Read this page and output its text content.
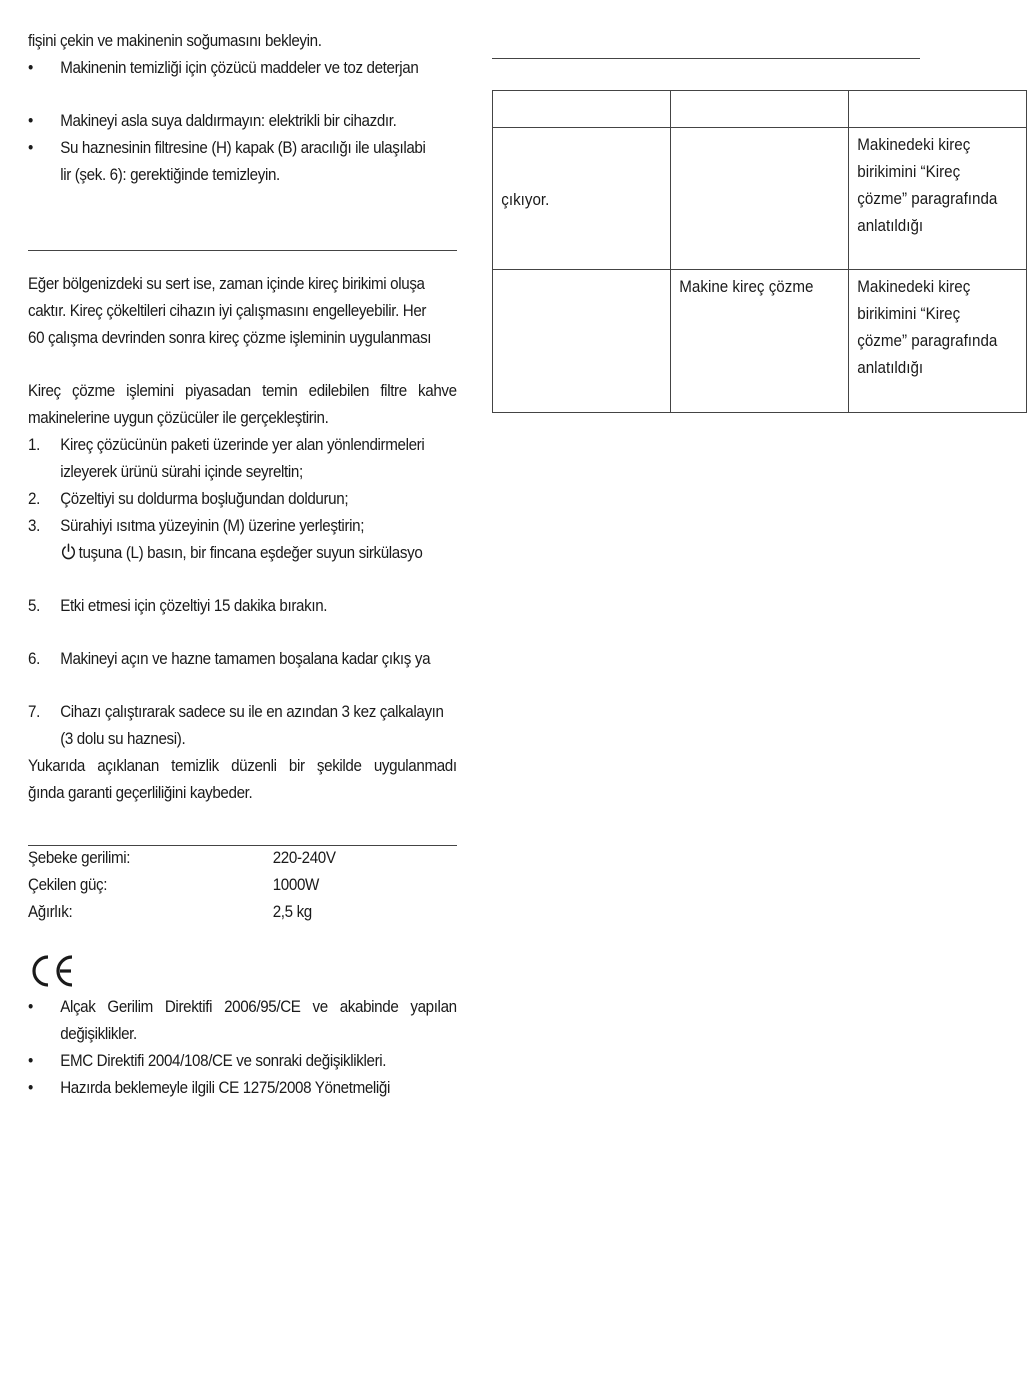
fişini çekin ve makinenin soğumasını bekleyin.
•	Makinenin temizliği için çözücü maddeler ve toz deterjan
•	Makineyi asla suya daldırmayın: elektrikli bir cihazdır.
•	Su haznesinin filtresine (H) kapak (B) aracılığı ile ulaşılabi
lir (şek. 6): gerektiğinde temizleyin.
Eğer bölgenizdeki su sert ise, zaman içinde kireç birikimi oluşa
caktır. Kireç çökeltileri cihazın iyi çalışmasını engelleyebilir. Her
60 çalışma devrinden sonra kireç çözme işleminin uygulanması
Kireç çözme işlemini piyasadan temin edilebilen filtre kahve
makinelerine uygun çözücüler ile gerçekleştirin.
1.	Kireç çözücünün paketi üzerinde yer alan yönlendirmeleri
izleyerek ürünü sürahi içinde seyreltin;
2.	Çözeltiyi su doldurma boşluğundan doldurun;
3.	Sürahiyi ısıtma yüzeyinin (M) üzerine yerleştirin;
tuşuna (L) basın, bir fincana eşdeğer suyun sirkülasyo
5.	Etki etmesi için çözeltiyi 15 dakika bırakın.
6.	Makineyi açın ve hazne tamamen boşalana kadar çıkış ya
7.	Cihazı çalıştırarak sadece su ile en azından 3 kez çalkalayın
(3 dolu su haznesi).
Yukarıda açıklanan temizlik düzenli bir şekilde uygulanmadı
ğında garanti geçerliliğini kaybeder.
Şebeke gerilimi:	220-240V
Çekilen güç:	1000W
Ağırlık:	2,5 kg
•	Alçak Gerilim Direktifi 2006/95/CE ve akabinde yapılan
değişiklikler.
•	EMC Direktifi 2004/108/CE ve sonraki değişiklikleri.
•	Hazırda beklemeyle ilgili CE 1275/2008 Yönetmeliği

çıkıyor.		Makinedeki kireç
birikimini “Kireç
çözme” paragrafında
anlatıldığı

	Makine kireç çözme	Makinedeki kireç
birikimini “Kireç
çözme” paragrafında
anlatıldığı
